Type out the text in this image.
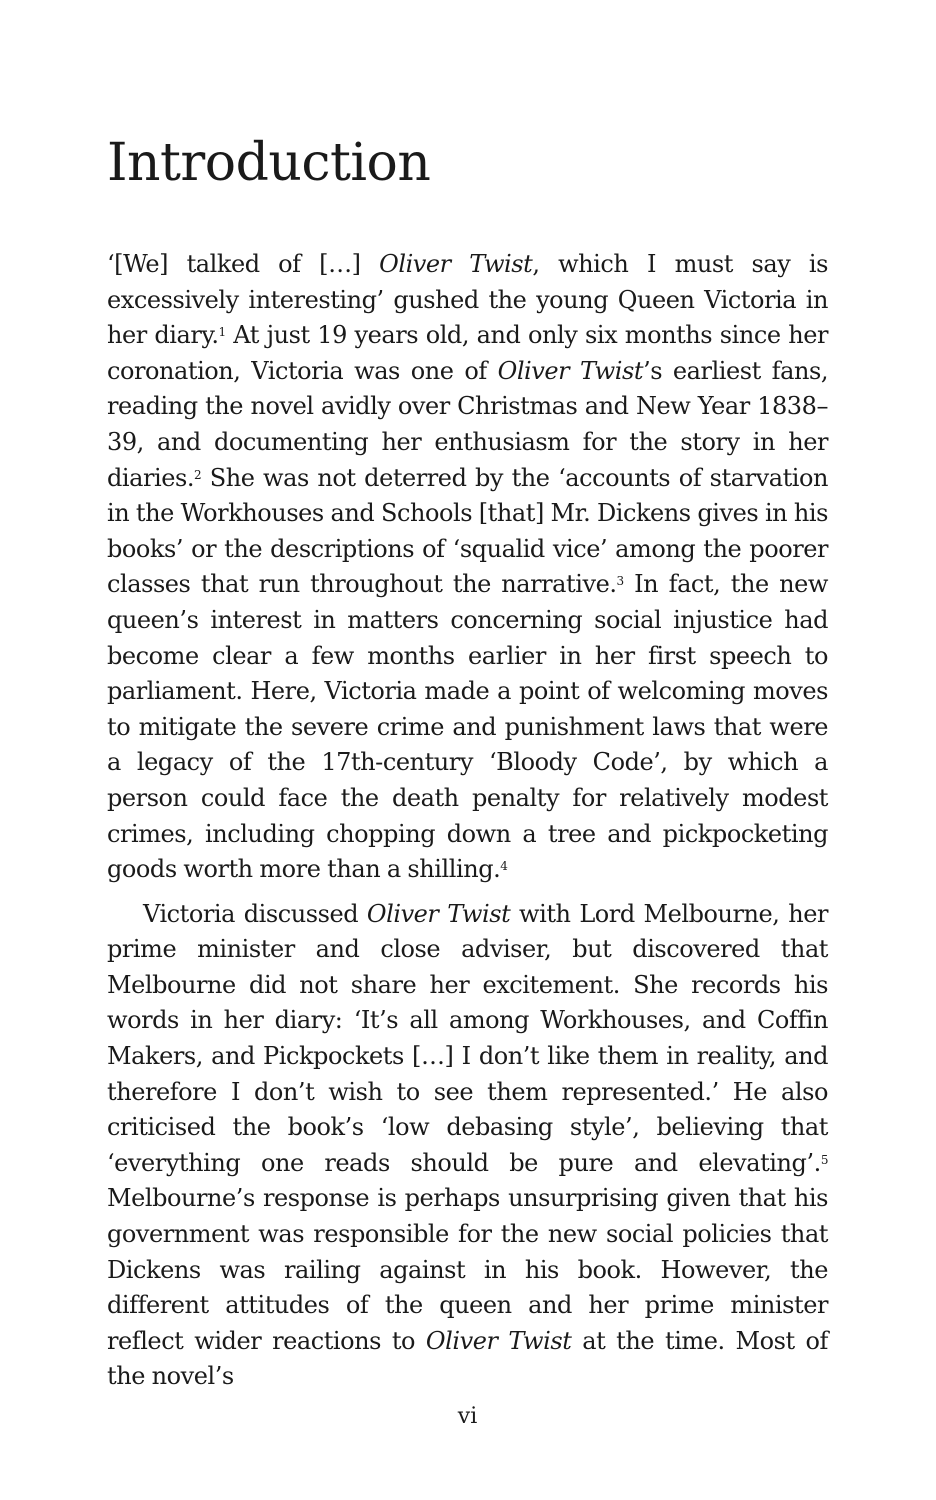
Introduction

‘[We] talked of […] Oliver Twist, which I must say is excessively interesting’ gushed the young Queen Victoria in her diary.$^1$ At just 19 years old, and only six months since her coronation, Victoria was one of Oliver Twist’s earliest fans, reading the novel avidly over Christmas and New Year 1838–39, and documenting her enthusiasm for the story in her diaries.$^2$ She was not deterred by the ‘accounts of starvation in the Workhouses and Schools [that] Mr. Dickens gives in his books’ or the descriptions of ‘squalid vice’ among the poorer classes that run throughout the narrative.$^3$ In fact, the new queen’s interest in matters concerning social injustice had become clear a few months earlier in her first speech to parliament. Here, Victoria made a point of welcoming moves to mitigate the severe crime and punishment laws that were a legacy of the 17th-century ‘Bloody Code’, by which a person could face the death penalty for relatively modest crimes, including chopping down a tree and pickpocketing goods worth more than a shilling.$^4$

Victoria discussed Oliver Twist with Lord Melbourne, her prime minister and close adviser, but discovered that Melbourne did not share her excitement. She records his words in her diary: ‘It’s all among Workhouses, and Coffin Makers, and Pickpockets […] I don’t like them in reality, and therefore I don’t wish to see them represented.’ He also criticised the book’s ‘low debasing style’, believing that ‘everything one reads should be pure and elevating’.$^5$ Melbourne’s response is perhaps unsurprising given that his government was responsible for the new social policies that Dickens was railing against in his book. However, the different attitudes of the queen and her prime minister reflect wider reactions to Oliver Twist at the time. Most of the novel’s

vi
